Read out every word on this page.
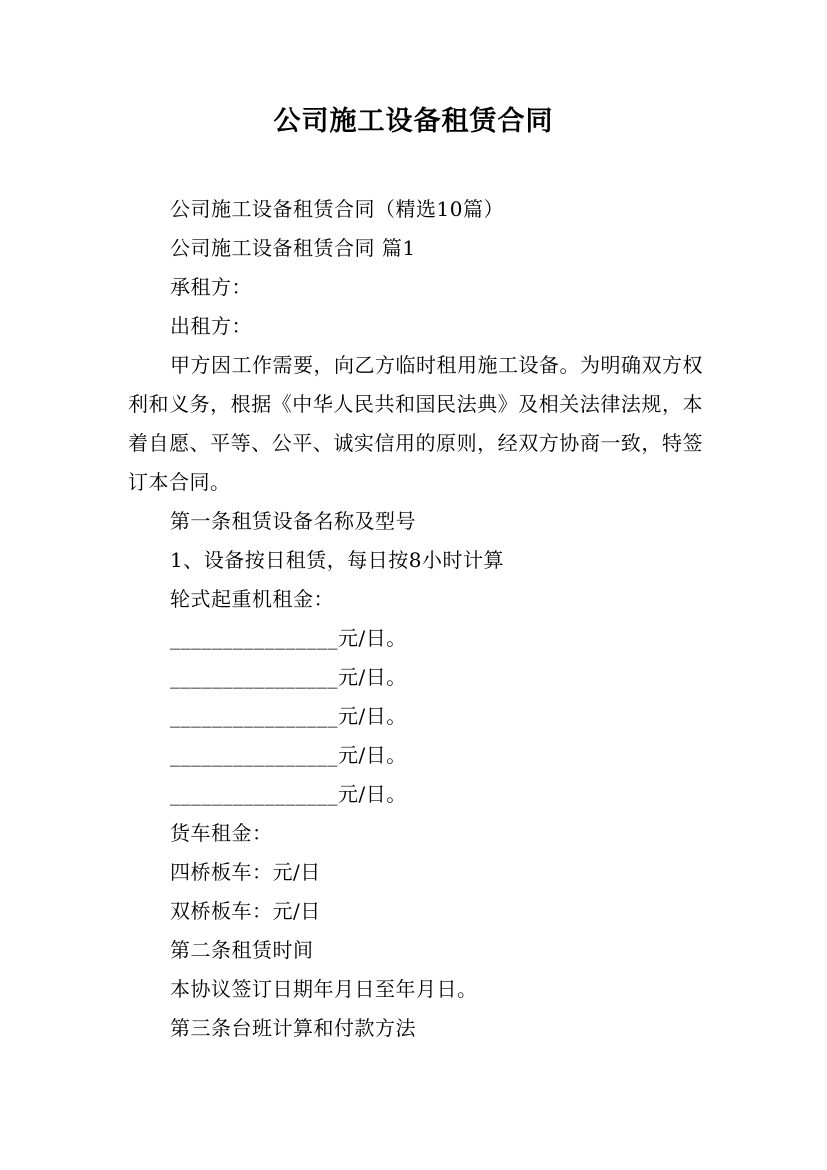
公司施工设备租赁合同

公司施工设备租赁合同（精选10篇）

公司施工设备租赁合同 篇1

承租方：

出租方：

甲方因工作需要，向乙方临时租用施工设备。为明确双方权利和义务，根据《中华人民共和国民法典》及相关法律法规，本着自愿、平等、公平、诚实信用的原则，经双方协商一致，特签订本合同。

第一条租赁设备名称及型号

1、设备按日租赁，每日按8小时计算

轮式起重机租金：

________________元/日。

________________元/日。

________________元/日。

________________元/日。

________________元/日。

货车租金：

四桥板车：元/日

双桥板车：元/日

第二条租赁时间

本协议签订日期年月日至年月日。

第三条台班计算和付款方法
